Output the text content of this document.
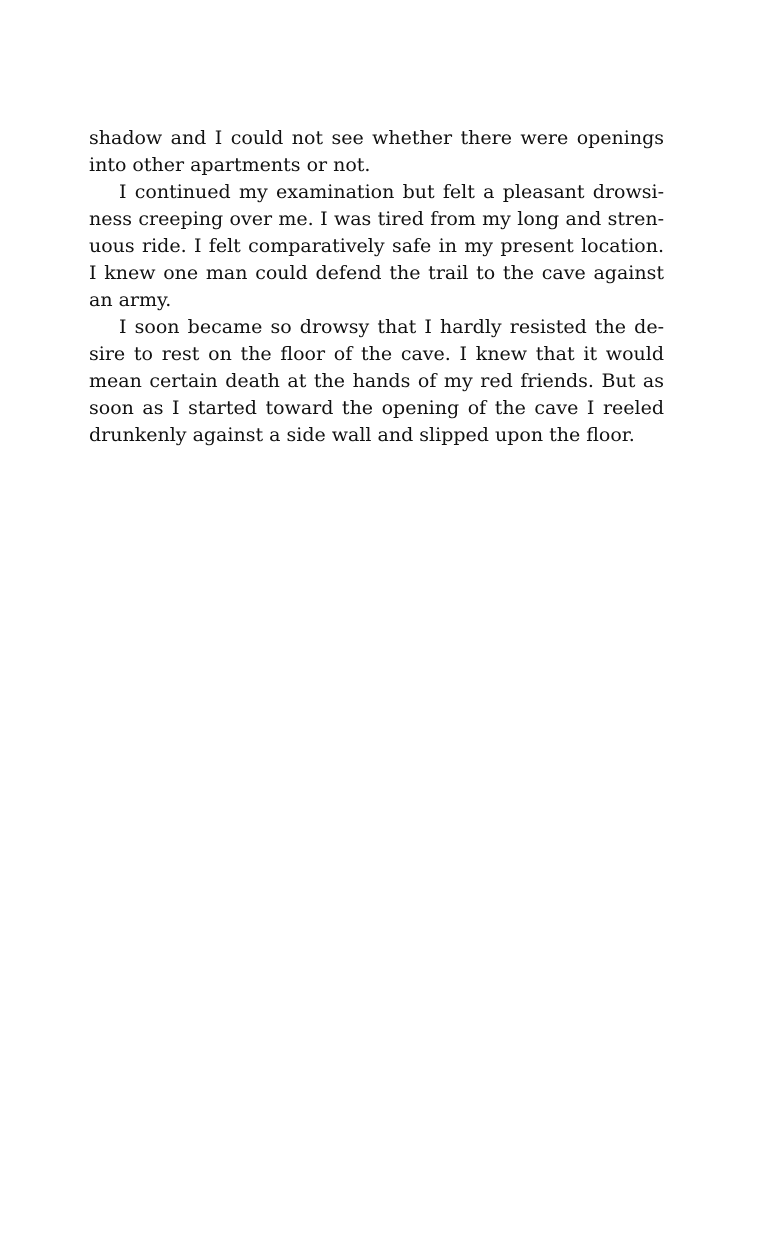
shadow and I could not see whether there were openings
into other apartments or not.

I continued my examination but felt a pleasant drowsi-
ness creeping over me. I was tired from my long and stren-
uous ride. I felt comparatively safe in my present location.
I knew one man could defend the trail to the cave against
an army.

I soon became so drowsy that I hardly resisted the de-
sire to rest on the floor of the cave. I knew that it would
mean certain death at the hands of my red friends. But as
soon as I started toward the opening of the cave I reeled
drunkenly against a side wall and slipped upon the floor.
